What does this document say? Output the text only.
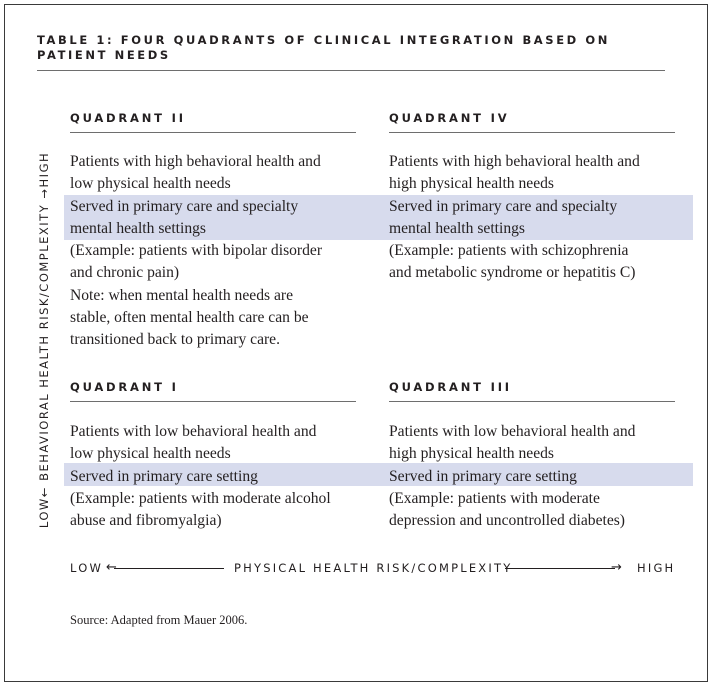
TABLE 1: FOUR QUADRANTS OF CLINICAL INTEGRATION BASED ON PATIENT NEEDS
QUADRANT II

Patients with high behavioral health and

low physical health needs

Served in primary care and specialty

mental health settings

(Example: patients with bipolar disorder

and chronic pain)

Note: when mental health needs are

stable, often mental health care can be

transitioned back to primary care.

QUADRANT IV

Patients with high behavioral health and

high physical health needs

Served in primary care and specialty

mental health settings

(Example: patients with schizophrenia

and metabolic syndrome or hepatitis C)

QUADRANT I

Patients with low behavioral health and

low physical health needs

Served in primary care setting

(Example: patients with moderate alcohol

abuse and fibromyalgia)

QUADRANT III

Patients with low behavioral health and

high physical health needs

Served in primary care setting

(Example: patients with moderate

depression and uncontrolled diabetes)

LOW← BEHAVIORAL HEALTH RISK/COMPLEXITY →HIGH
LOW ←	PHYSICAL HEALTH RISK/COMPLEXITY	→ HIGH
Source: Adapted from Mauer 2006.
